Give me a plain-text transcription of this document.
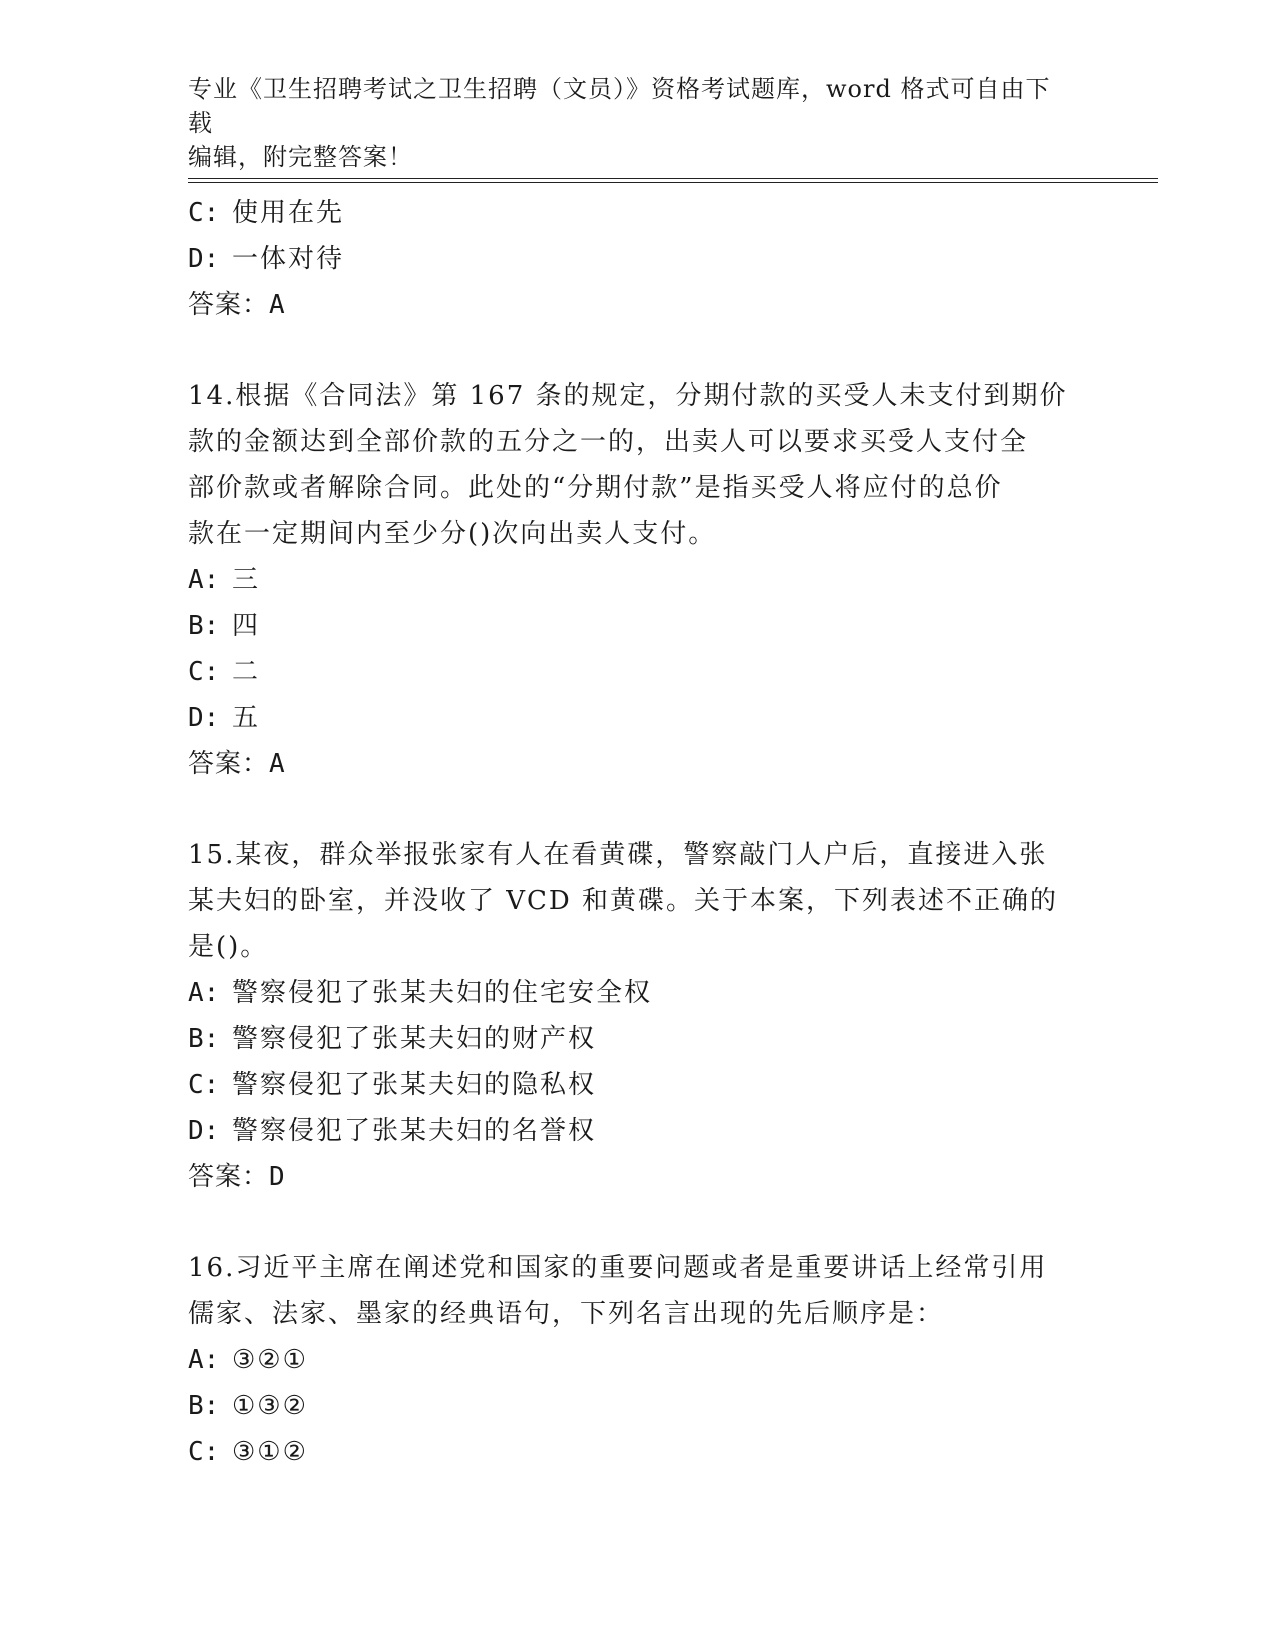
专业《卫生招聘考试之卫生招聘（文员）》资格考试题库，word 格式可自由下载
编辑，附完整答案！
C: 使用在先
D: 一体对待
答案：A
14.根据《合同法》第 167 条的规定，分期付款的买受人未支付到期价
款的金额达到全部价款的五分之一的，出卖人可以要求买受人支付全
部价款或者解除合同。此处的“分期付款”是指买受人将应付的总价
款在一定期间内至少分()次向出卖人支付。
A: 三
B: 四
C: 二
D: 五
答案：A
15.某夜，群众举报张家有人在看黄碟，警察敲门人户后，直接进入张
某夫妇的卧室，并没收了 VCD 和黄碟。关于本案，下列表述不正确的
是()。
A: 警察侵犯了张某夫妇的住宅安全权
B: 警察侵犯了张某夫妇的财产权
C: 警察侵犯了张某夫妇的隐私权
D: 警察侵犯了张某夫妇的名誉权
答案：D
16.习近平主席在阐述党和国家的重要问题或者是重要讲话上经常引用
儒家、法家、墨家的经典语句，下列名言出现的先后顺序是：
A: ③②①
B: ①③②
C: ③①②
